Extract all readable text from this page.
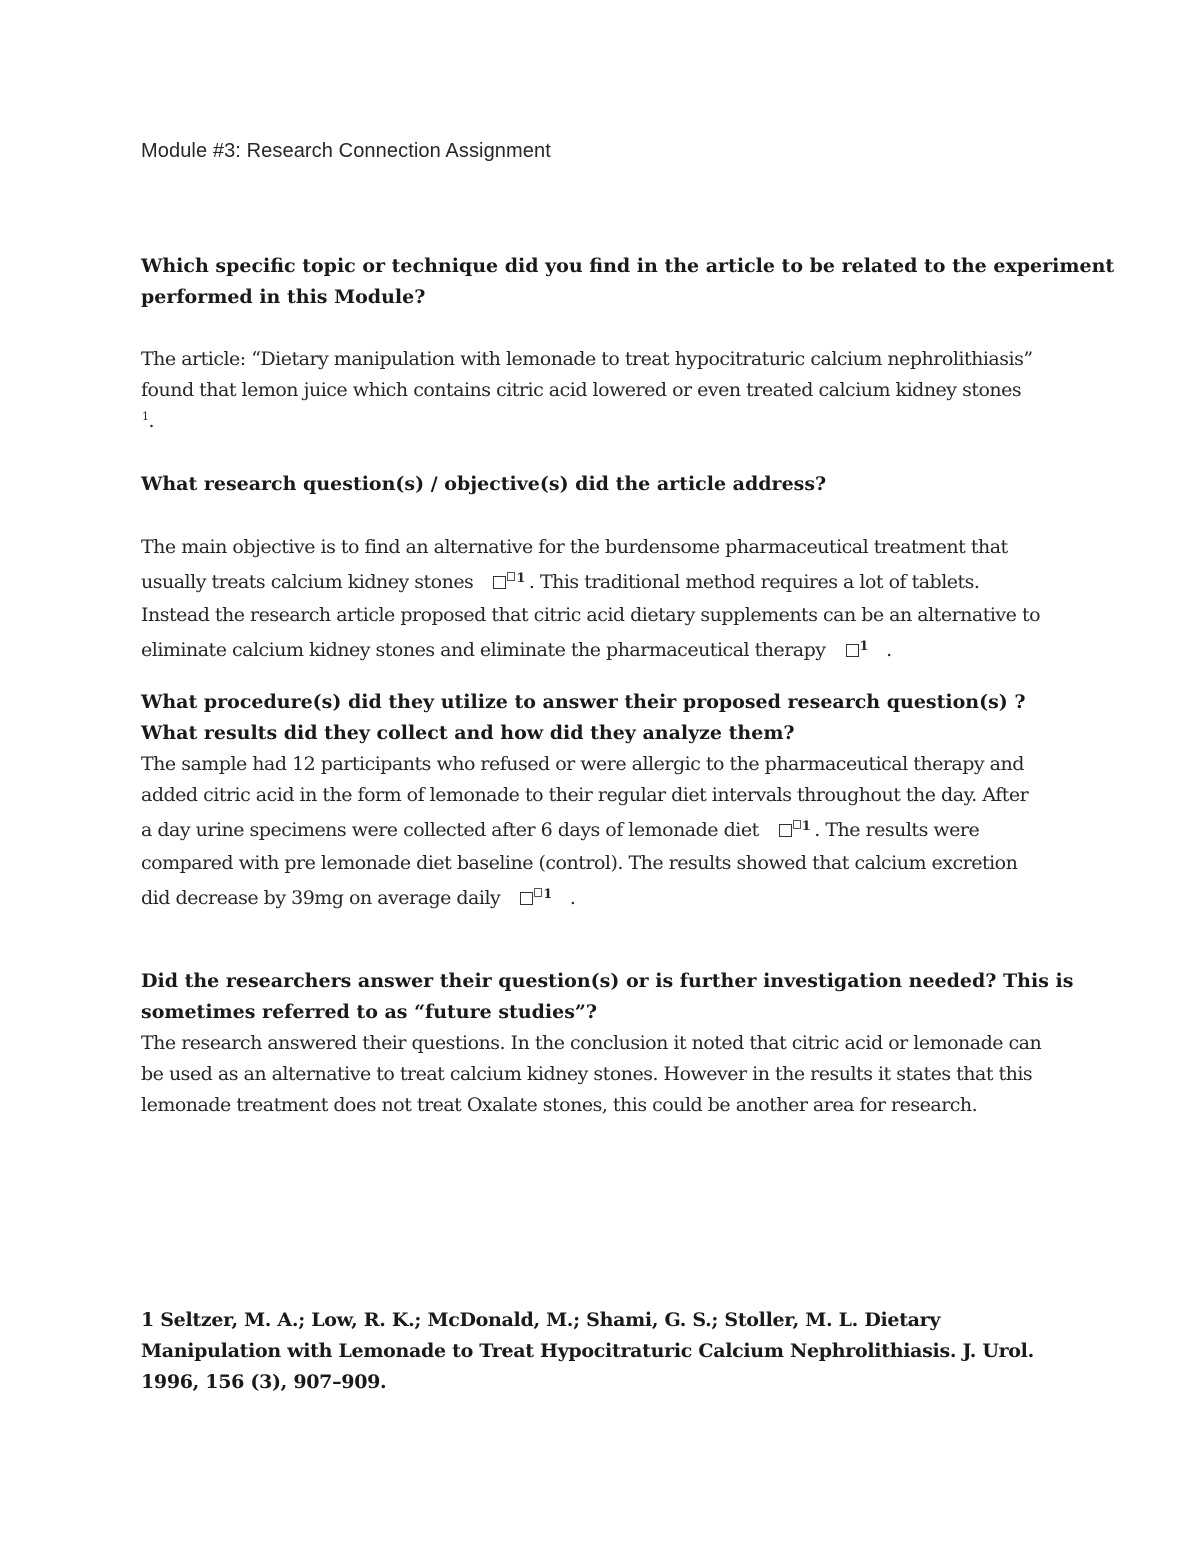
Module #3: Research Connection Assignment
Which specific topic or technique did you find in the article to be related to the experiment
performed in this Module?
The article: “Dietary manipulation with lemonade to treat hypocitraturic calcium nephrolithiasis”
found that lemon juice which contains citric acid lowered or even treated calcium kidney stones
$^1$.
What research question(s) / objective(s) did the article address?
The main objective is to find an alternative for the burdensome pharmaceutical treatment that
usually treats calcium kidney stones	1 . This traditional method requires a lot of tablets.
Instead the research article proposed that citric acid dietary supplements can be an alternative to
eliminate calcium kidney stones and eliminate the pharmaceutical therapy	1 .
What procedure(s) did they utilize to answer their proposed research question(s) ?
What results did they collect and how did they analyze them?
The sample had 12 participants who refused or were allergic to the pharmaceutical therapy and
added citric acid in the form of lemonade to their regular diet intervals throughout the day. After
a day urine specimens were collected after 6 days of lemonade diet	1 . The results were
compared with pre lemonade diet baseline (control). The results showed that calcium excretion
did decrease by 39mg on average daily	1 .
Did the researchers answer their question(s) or is further investigation needed? This is
sometimes referred to as “future studies”?
The research answered their questions. In the conclusion it noted that citric acid or lemonade can
be used as an alternative to treat calcium kidney stones. However in the results it states that this
lemonade treatment does not treat Oxalate stones, this could be another area for research.
1 Seltzer, M. A.; Low, R. K.; McDonald, M.; Shami, G. S.; Stoller, M. L. Dietary
Manipulation with Lemonade to Treat Hypocitraturic Calcium Nephrolithiasis. J. Urol.
1996, 156 (3), 907–909.
